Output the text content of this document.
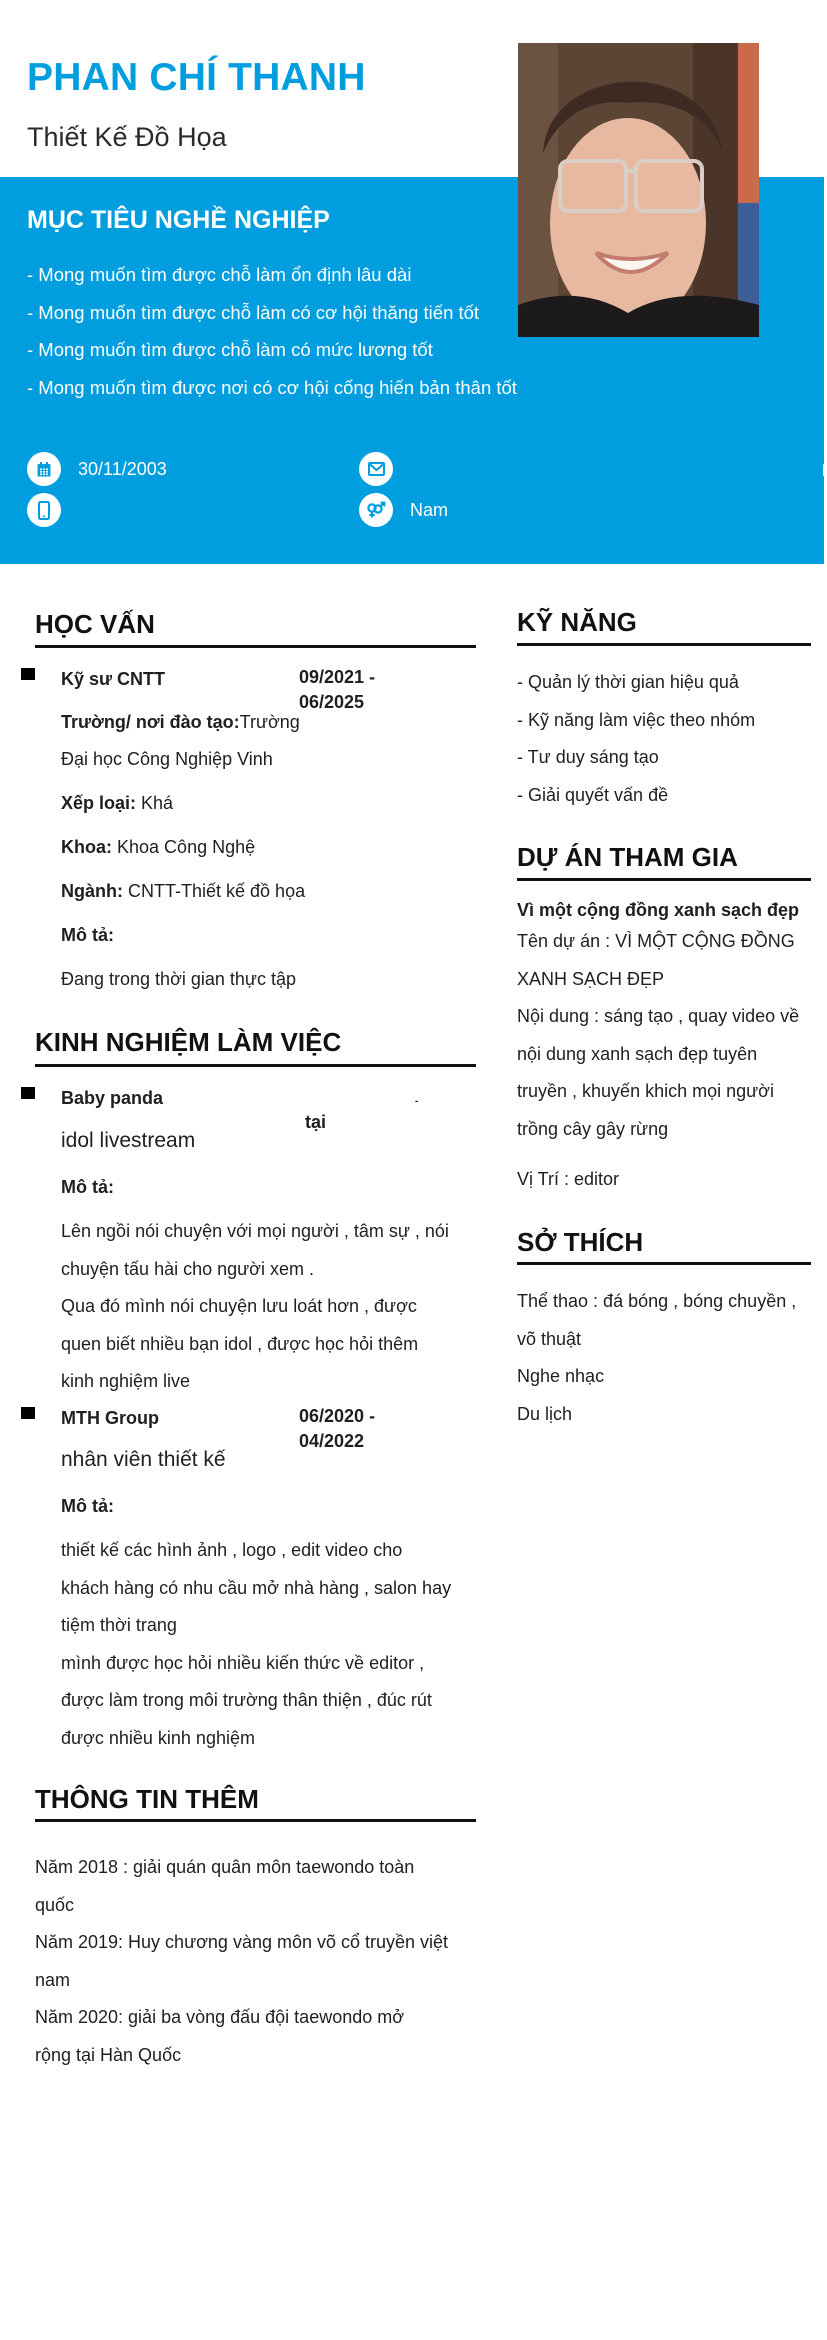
PHAN CHÍ THANH
Thiết Kế Đồ Họa
MỤC TIÊU NGHỀ NGHIỆP
- Mong muốn tìm được chỗ làm ổn định lâu dài
- Mong muốn tìm được chỗ làm có cơ hội thăng tiến tốt
- Mong muốn tìm được chỗ làm có mức lương tốt
- Mong muốn tìm được nơi có cơ hội cống hiến bản thân tốt
30/11/2003
Nam
HỌC VẤN
Kỹ sư CNTT	09/2021 -
06/2025
Trường/ nơi đào tạo:Trường
Đại học Công Nghiệp Vinh
Xếp loại: Khá
Khoa: Khoa Công Nghệ
Ngành: CNTT-Thiết kế đồ họa
Mô tả:
Đang trong thời gian thực tập
KINH NGHIỆM LÀM VIỆC
Baby panda	-
tại
idol livestream
Mô tả:
Lên ngồi nói chuyện với mọi người , tâm sự , nói
chuyện tấu hài cho người xem .
Qua đó mình nói chuyện lưu loát hơn , được
quen biết nhiều bạn idol , được học hỏi thêm
kinh nghiệm live
MTH Group	06/2020 -
04/2022
nhân viên thiết kế
Mô tả:
thiết kế các hình ảnh , logo , edit video cho
khách hàng có nhu cầu mở nhà hàng , salon hay
tiệm thời trang
mình được học hỏi nhiều kiến thức về editor ,
được làm trong môi trường thân thiện , đúc rút
được nhiều kinh nghiệm
THÔNG TIN THÊM
Năm 2018 : giải quán quân môn taewondo toàn
quốc
Năm 2019: Huy chương vàng môn võ cổ truyền việt
nam
Năm 2020: giải ba vòng đấu đội taewondo mở
rộng tại Hàn Quốc
KỸ NĂNG
- Quản lý thời gian hiệu quả
- Kỹ năng làm việc theo nhóm
- Tư duy sáng tạo
- Giải quyết vấn đề
DỰ ÁN THAM GIA
Vì một cộng đồng xanh sạch đẹp
Tên dự án : VÌ MỘT CỘNG ĐỒNG
XANH SẠCH ĐẸP
Nội dung : sáng tạo , quay video về
nội dung xanh sạch đẹp tuyên
truyền , khuyến khich mọi người
trồng cây gây rừng
Vị Trí : editor
SỞ THÍCH
Thể thao : đá bóng , bóng chuyền ,
võ thuật
Nghe nhạc
Du lịch
